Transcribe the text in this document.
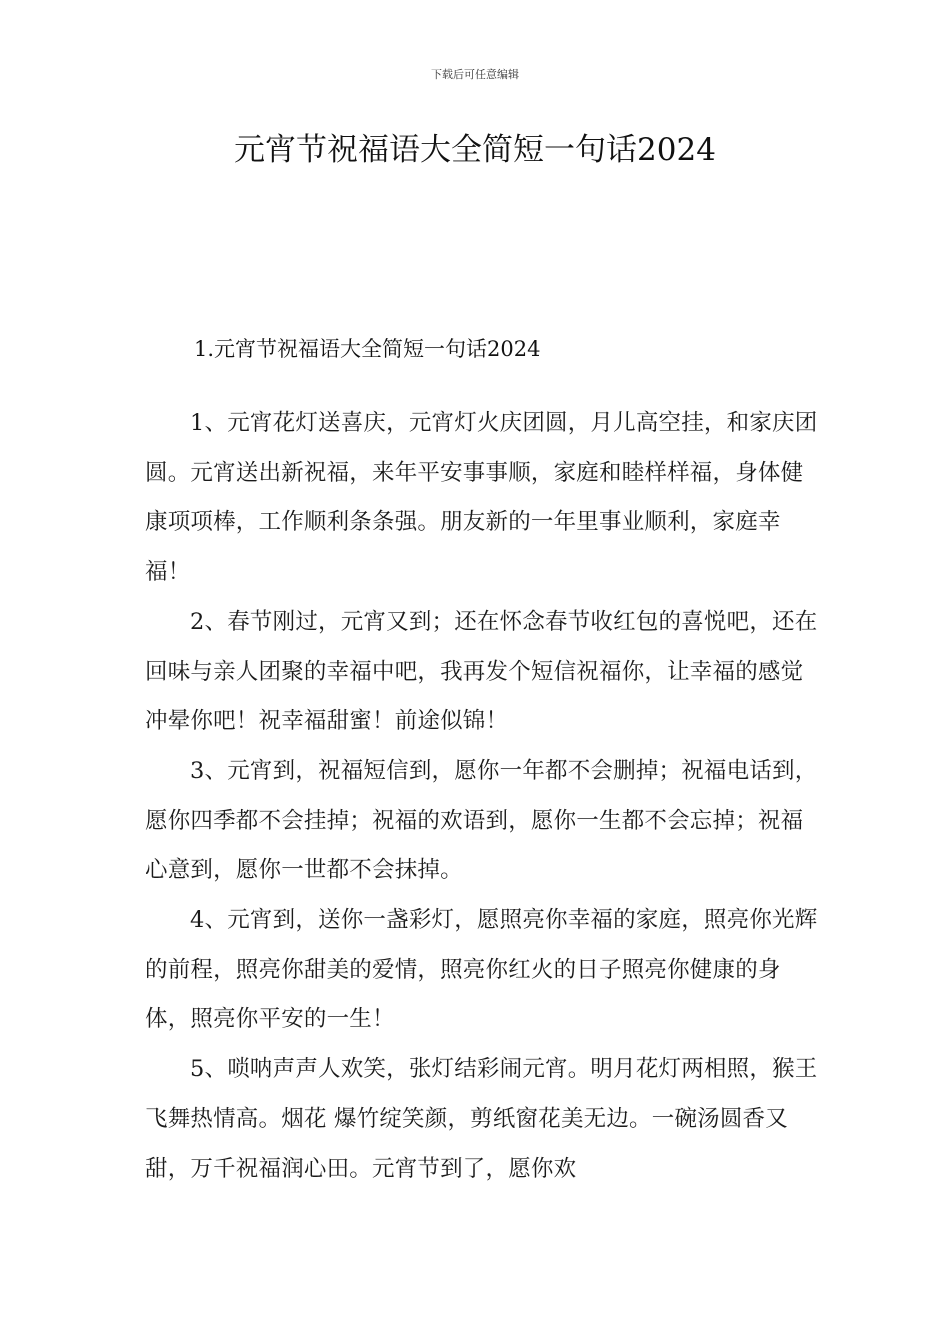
下载后可任意编辑
元宵节祝福语大全简短一句话2024
1.元宵节祝福语大全简短一句话2024

1、元宵花灯送喜庆，元宵灯火庆团圆，月儿高空挂，和家庆团圆。元宵送出新祝福，来年平安事事顺，家庭和睦样样福，身体健康项项棒，工作顺利条条强。朋友新的一年里事业顺利，家庭幸福！

2、春节刚过，元宵又到；还在怀念春节收红包的喜悦吧，还在回味与亲人团聚的幸福中吧，我再发个短信祝福你，让幸福的感觉冲晕你吧！祝幸福甜蜜！前途似锦！

3、元宵到，祝福短信到，愿你一年都不会删掉；祝福电话到，愿你四季都不会挂掉；祝福的欢语到，愿你一生都不会忘掉；祝福心意到，愿你一世都不会抹掉。

4、元宵到，送你一盏彩灯，愿照亮你幸福的家庭，照亮你光辉的前程，照亮你甜美的爱情，照亮你红火的日子照亮你健康的身体，照亮你平安的一生！

5、唢呐声声人欢笑，张灯结彩闹元宵。明月花灯两相照，猴王飞舞热情高。烟花 爆竹绽笑颜，剪纸窗花美无边。一碗汤圆香又甜，万千祝福润心田。元宵节到了，愿你欢
